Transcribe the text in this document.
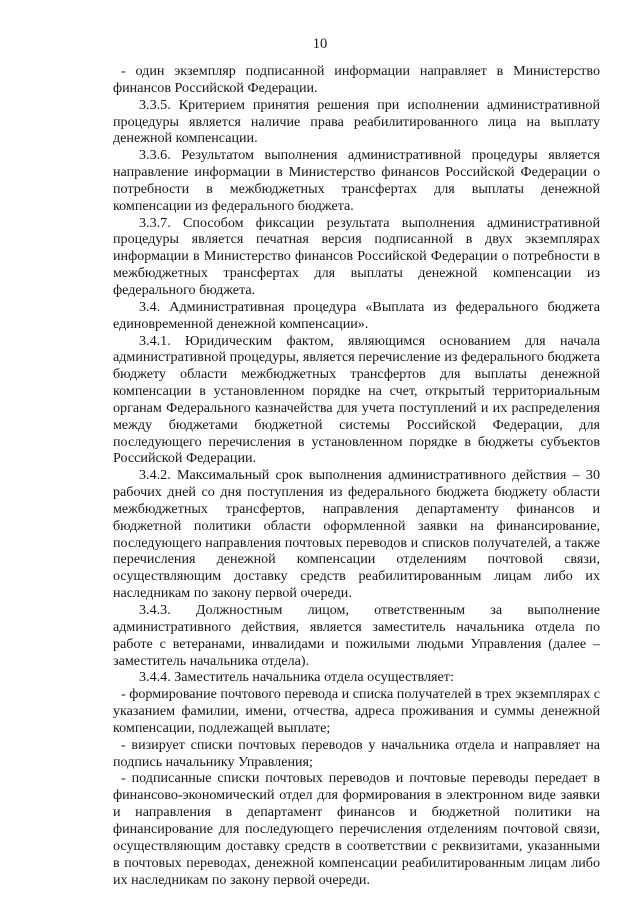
10

- один экземпляр подписанной информации направляет в Министерство финансов Российской Федерации.

3.3.5. Критерием принятия решения при исполнении административной процедуры является наличие права реабилитированного лица на выплату денежной компенсации.

3.3.6. Результатом выполнения административной процедуры является направление информации в Министерство финансов Российской Федерации о потребности в межбюджетных трансфертах для выплаты денежной компенсации из федерального бюджета.

3.3.7. Способом фиксации результата выполнения административной процедуры является печатная версия подписанной в двух экземплярах информации в Министерство финансов Российской Федерации о потребности в межбюджетных трансфертах для выплаты денежной компенсации из федерального бюджета.

3.4. Административная процедура «Выплата из федерального бюджета единовременной денежной компенсации».

3.4.1. Юридическим фактом, являющимся основанием для начала административной процедуры, является перечисление из федерального бюджета бюджету области межбюджетных трансфертов для выплаты денежной компенсации в установленном порядке на счет, открытый территориальным органам Федерального казначейства для учета поступлений и их распределения между бюджетами бюджетной системы Российской Федерации, для последующего перечисления в установленном порядке в бюджеты субъектов Российской Федерации.

3.4.2. Максимальный срок выполнения административного действия – 30 рабочих дней со дня поступления из федерального бюджета бюджету области межбюджетных трансфертов, направления департаменту финансов и бюджетной политики области оформленной заявки на финансирование, последующего направления почтовых переводов и списков получателей, а также перечисления денежной компенсации отделениям почтовой связи, осуществляющим доставку средств реабилитированным лицам либо их наследникам по закону первой очереди.

3.4.3. Должностным лицом, ответственным за выполнение административного действия, является заместитель начальника отдела по работе с ветеранами, инвалидами и пожилыми людьми Управления (далее – заместитель начальника отдела).

3.4.4. Заместитель начальника отдела осуществляет:

- формирование почтового перевода и списка получателей в трех экземплярах с указанием фамилии, имени, отчества, адреса проживания и суммы денежной компенсации, подлежащей выплате;

- визирует списки почтовых переводов у начальника отдела и направляет на подпись начальнику Управления;

- подписанные списки почтовых переводов и почтовые переводы передает в финансово-экономический отдел для формирования в электронном виде заявки и направления в департамент финансов и бюджетной политики на финансирование для последующего перечисления отделениям почтовой связи, осуществляющим доставку средств в соответствии с реквизитами, указанными в почтовых переводах, денежной компенсации реабилитированным лицам либо их наследникам по закону первой очереди.
